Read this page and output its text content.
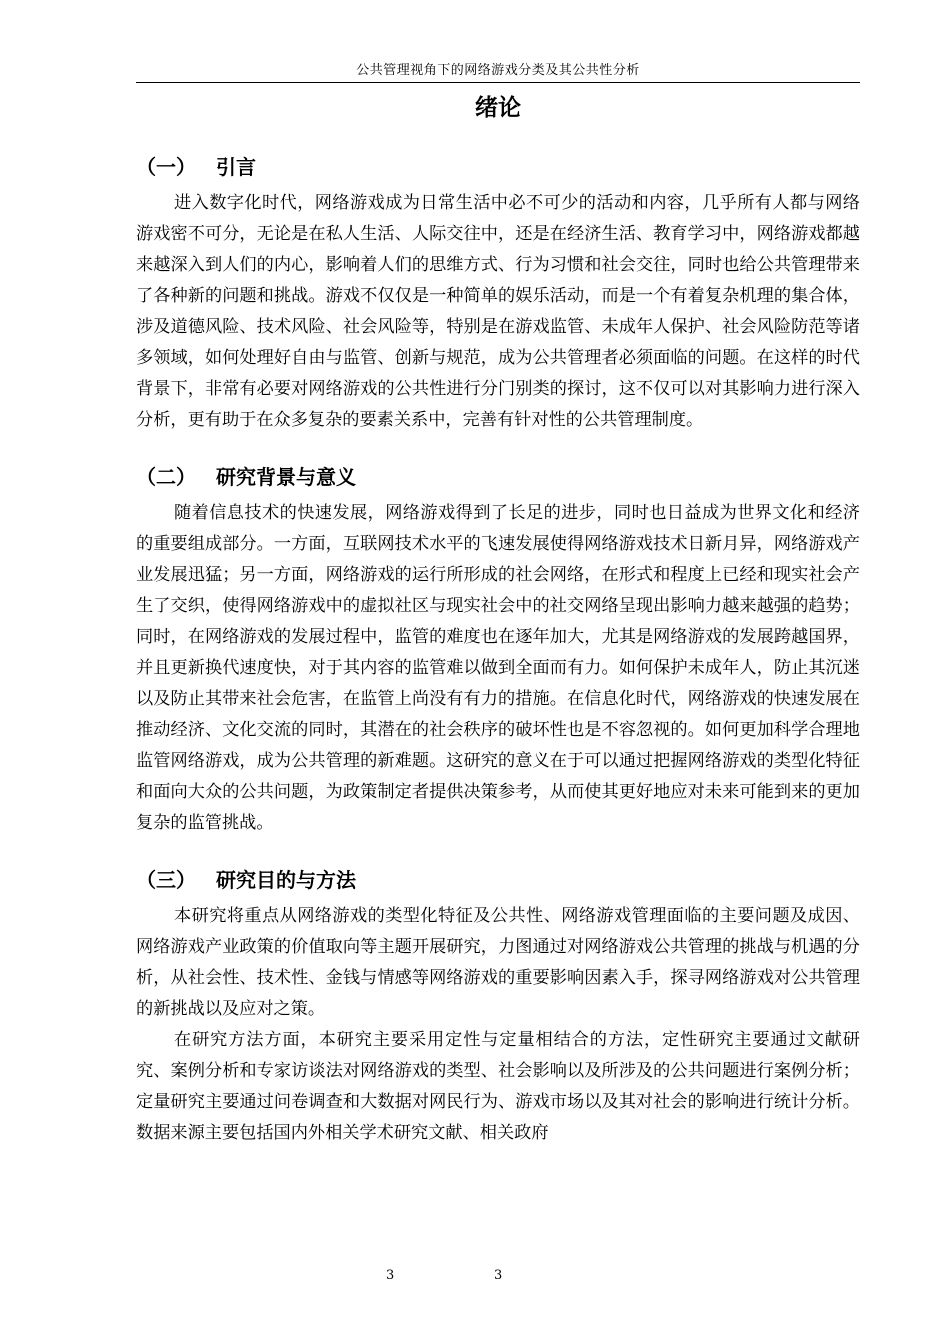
公共管理视角下的网络游戏分类及其公共性分析
绪论
（一） 引言

进入数字化时代，网络游戏成为日常生活中必不可少的活动和内容，几乎所有人都与网络游戏密不可分，无论是在私人生活、人际交往中，还是在经济生活、教育学习中，网络游戏都越来越深入到人们的内心，影响着人们的思维方式、行为习惯和社会交往，同时也给公共管理带来了各种新的问题和挑战。游戏不仅仅是一种简单的娱乐活动，而是一个有着复杂机理的集合体，涉及道德风险、技术风险、社会风险等，特别是在游戏监管、未成年人保护、社会风险防范等诸多领域，如何处理好自由与监管、创新与规范，成为公共管理者必须面临的问题。在这样的时代背景下，非常有必要对网络游戏的公共性进行分门别类的探讨，这不仅可以对其影响力进行深入分析，更有助于在众多复杂的要素关系中，完善有针对性的公共管理制度。

（二） 研究背景与意义

随着信息技术的快速发展，网络游戏得到了长足的进步，同时也日益成为世界文化和经济的重要组成部分。一方面，互联网技术水平的飞速发展使得网络游戏技术日新月异，网络游戏产业发展迅猛；另一方面，网络游戏的运行所形成的社会网络，在形式和程度上已经和现实社会产生了交织，使得网络游戏中的虚拟社区与现实社会中的社交网络呈现出影响力越来越强的趋势；同时，在网络游戏的发展过程中，监管的难度也在逐年加大，尤其是网络游戏的发展跨越国界，并且更新换代速度快，对于其内容的监管难以做到全面而有力。如何保护未成年人，防止其沉迷以及防止其带来社会危害，在监管上尚没有有力的措施。在信息化时代，网络游戏的快速发展在推动经济、文化交流的同时，其潜在的社会秩序的破坏性也是不容忽视的。如何更加科学合理地监管网络游戏，成为公共管理的新难题。这研究的意义在于可以通过把握网络游戏的类型化特征和面向大众的公共问题，为政策制定者提供决策参考，从而使其更好地应对未来可能到来的更加复杂的监管挑战。

（三） 研究目的与方法

本研究将重点从网络游戏的类型化特征及公共性、网络游戏管理面临的主要问题及成因、网络游戏产业政策的价值取向等主题开展研究，力图通过对网络游戏公共管理的挑战与机遇的分析，从社会性、技术性、金钱与情感等网络游戏的重要影响因素入手，探寻网络游戏对公共管理的新挑战以及应对之策。

在研究方法方面，本研究主要采用定性与定量相结合的方法，定性研究主要通过文献研究、案例分析和专家访谈法对网络游戏的类型、社会影响以及所涉及的公共问题进行案例分析；定量研究主要通过问卷调查和大数据对网民行为、游戏市场以及其对社会的影响进行统计分析。数据来源主要包括国内外相关学术研究文献、相关政府

3	3
